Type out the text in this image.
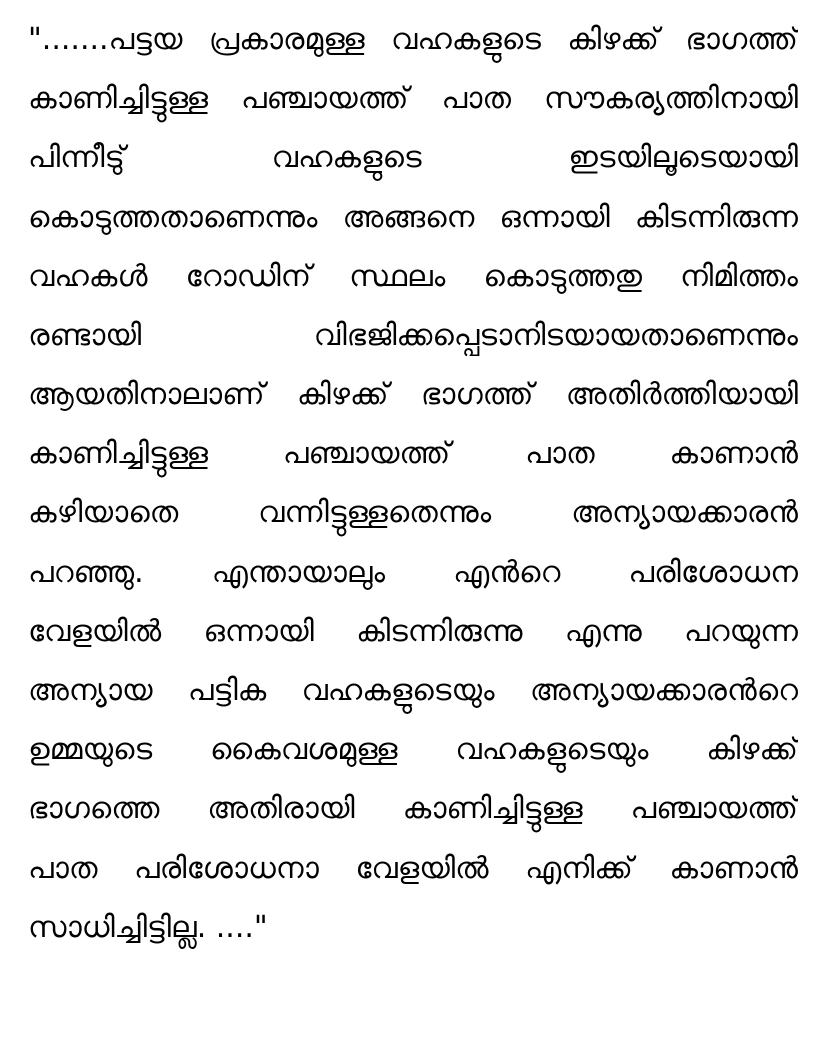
".......പട്ടയ പ്രകാരമുള്ള വഹകളുടെ കിഴക്ക് ഭാഗത്ത്
കാണിച്ചിട്ടുള്ള പഞ്ചായത്ത് പാത സൗകര്യത്തിനായി
പിന്നീടു് വഹകളുടെ ഇടയിലൂടെയായി
കൊടുത്തതാണെന്നും അങ്ങനെ ഒന്നായി കിടന്നിരുന്ന
വഹകൾ റോഡിന് സ്ഥലം കൊടുത്തതു നിമിത്തം
രണ്ടായി വിഭജിക്കപ്പെടാനിടയായതാണെന്നും
ആയതിനാലാണ് കിഴക്ക് ഭാഗത്ത് അതിർത്തിയായി
കാണിച്ചിട്ടുള്ള പഞ്ചായത്ത് പാത കാണാൻ
കഴിയാതെ വന്നിട്ടുള്ളതെന്നും അന്യായക്കാരൻ
പറഞ്ഞു. എന്തായാലും എൻറെ പരിശോധന
വേളയിൽ ഒന്നായി കിടന്നിരുന്നു എന്നു പറയുന്ന
അന്യായ പട്ടിക വഹകളുടെയും അന്യായക്കാരൻറെ
ഉമ്മയുടെ കൈവശമുള്ള വഹകളുടെയും കിഴക്ക്
ഭാഗത്തെ അതിരായി കാണിച്ചിട്ടുള്ള പഞ്ചായത്ത്
പാത പരിശോധനാ വേളയിൽ എനിക്ക് കാണാൻ
സാധിച്ചിട്ടില്ല. ...."
